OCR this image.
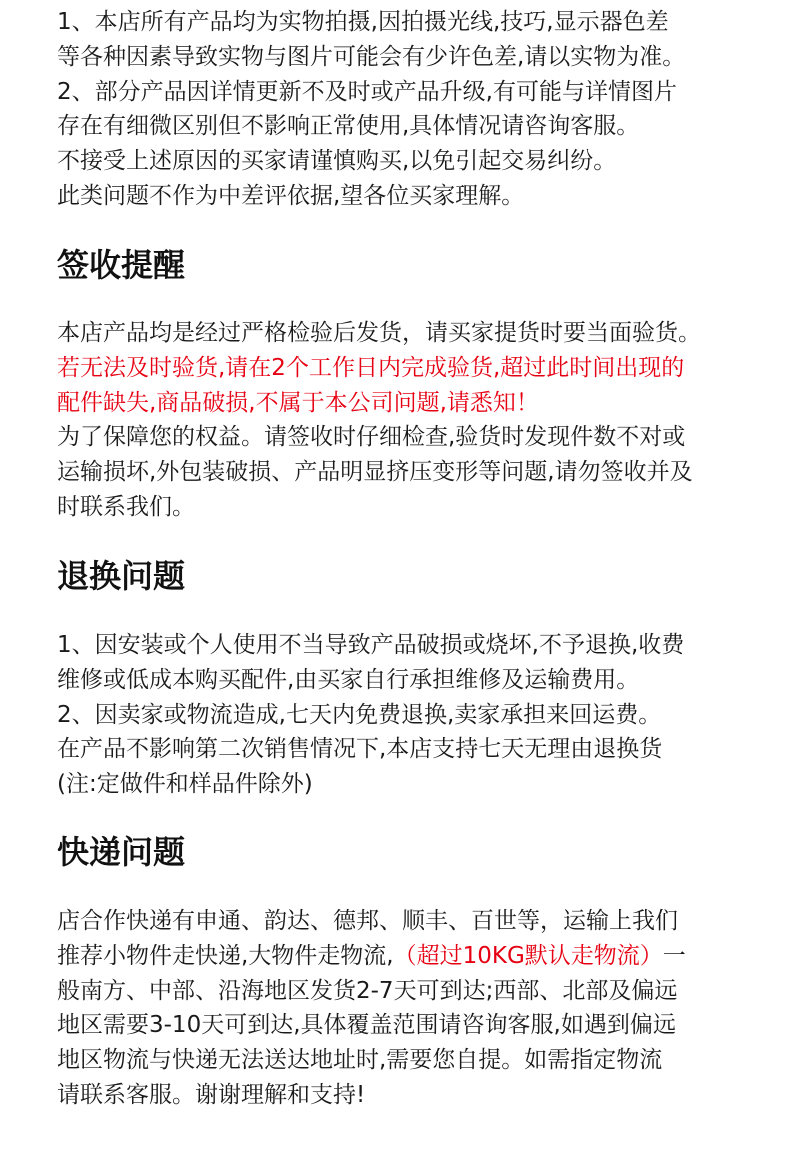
1、本店所有产品均为实物拍摄,因拍摄光线,技巧,显示器色差
等各种因素导致实物与图片可能会有少许色差,请以实物为准。
2、部分产品因详情更新不及时或产品升级,有可能与详情图片
存在有细微区别但不影响正常使用,具体情况请咨询客服。
不接受上述原因的买家请谨慎购买,以免引起交易纠纷。
此类问题不作为中差评依据,望各位买家理解。
签收提醒
本店产品均是经过严格检验后发货，请买家提货时要当面验货。
若无法及时验货,请在2个工作日内完成验货,超过此时间出现的
配件缺失,商品破损,不属于本公司问题,请悉知！
为了保障您的权益。请签收时仔细检查,验货时发现件数不对或
运输损坏,外包装破损、产品明显挤压变形等问题,请勿签收并及
时联系我们。
退换问题
1、因安装或个人使用不当导致产品破损或烧坏,不予退换,收费
维修或低成本购买配件,由买家自行承担维修及运输费用。
2、因卖家或物流造成,七天内免费退换,卖家承担来回运费。
在产品不影响第二次销售情况下,本店支持七天无理由退换货
(注:定做件和样品件除外)
快递问题
店合作快递有申通、韵达、德邦、顺丰、百世等，运输上我们
推荐小物件走快递,大物件走物流,（超过10KG默认走物流）一
般南方、中部、沿海地区发货2-7天可到达;西部、北部及偏远
地区需要3-10天可到达,具体覆盖范围请咨询客服,如遇到偏远
地区物流与快递无法送达地址时,需要您自提。如需指定物流
请联系客服。谢谢理解和支持!
